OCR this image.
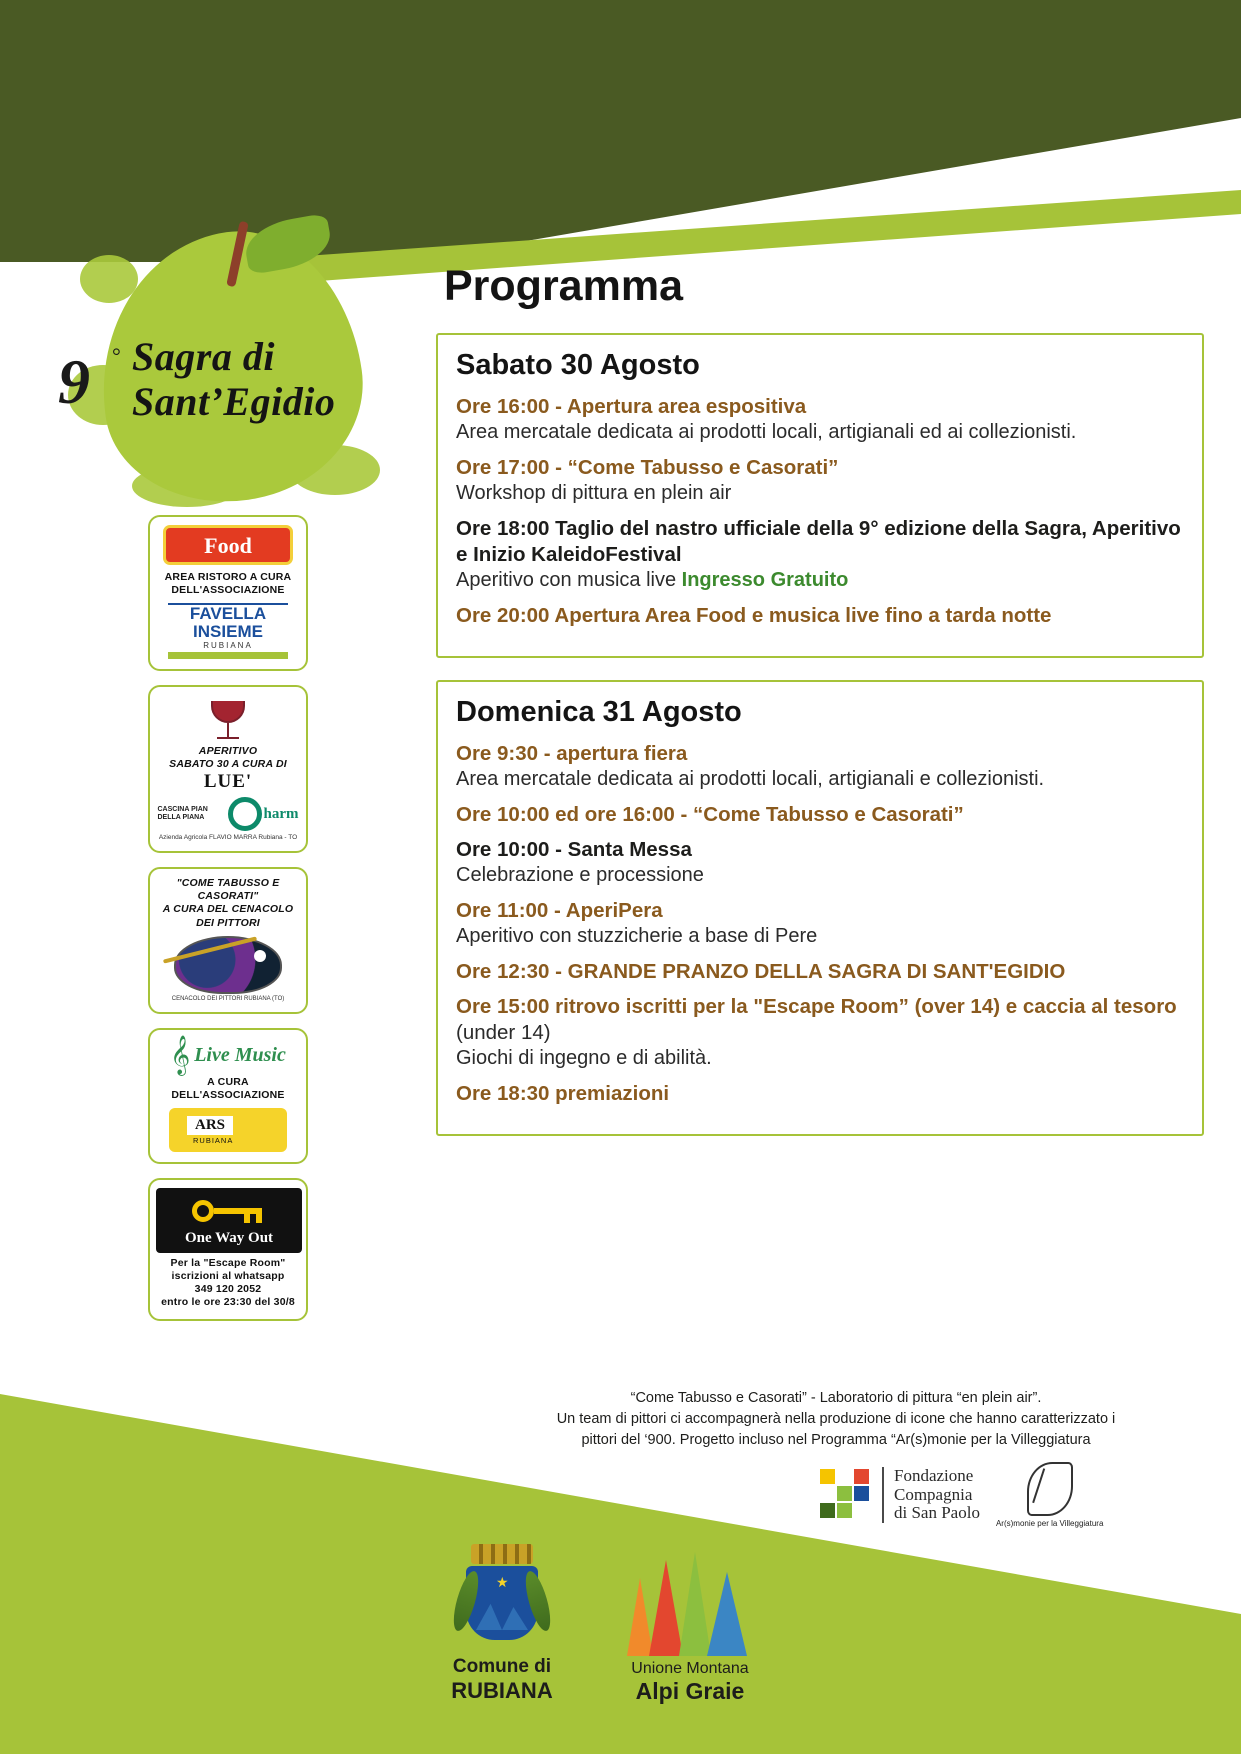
9 ° Sagra di
Sant’Egidio
Food
AREA RISTORO A CURA
DELL'ASSOCIAZIONE
FAVELLA
INSIEME
RUBIANA
APERITIVO
SABATO 30 A CURA DI
LUE'
CASCINA PIAN DELLA PIANA	harm
Azienda Agricola FLAVIO MARRA Rubiana - TO
"COME TABUSSO E
CASORATI"
A CURA DEL CENACOLO
DEI PITTORI
CENACOLO DEI PITTORI RUBIANA (TO)
𝄞 Live Music
A CURA DELL'ASSOCIAZIONE
ARS
RUBIANA
One Way Out
Per la "Escape Room"
iscrizioni al whatsapp
349 120 2052
entro le ore 23:30 del 30/8
Programma
Sabato 30 Agosto
Ore 16:00 - Apertura area espositiva
Area mercatale dedicata ai prodotti locali, artigianali ed ai collezionisti.
Ore 17:00 - “Come Tabusso e Casorati”
Workshop di pittura en plein air
Ore 18:00 Taglio del nastro ufficiale della 9° edizione della Sagra, Aperitivo e Inizio KaleidoFestival
Aperitivo con musica live Ingresso Gratuito
Ore 20:00 Apertura Area Food e musica live fino a tarda notte
Domenica 31 Agosto
Ore 9:30 - apertura fiera
Area mercatale dedicata ai prodotti locali, artigianali e collezionisti.
Ore 10:00 ed ore 16:00 - “Come Tabusso e Casorati”
Ore 10:00 - Santa Messa
Celebrazione e processione
Ore 11:00 - AperiPera
Aperitivo con stuzzicherie a base di Pere
Ore 12:30 - GRANDE PRANZO DELLA SAGRA DI SANT'EGIDIO
Ore 15:00 ritrovo iscritti per la "Escape Room” (over 14) e caccia al tesoro (under 14)
Giochi di ingegno e di abilità.
Ore 18:30 premiazioni
“Come Tabusso e Casorati” - Laboratorio di pittura “en plein air”.
Un team di pittori ci accompagnerà nella produzione di icone che hanno caratterizzato i
pittori del ‘900. Progetto incluso nel Programma “Ar(s)monie per la Villeggiatura
Fondazione
Compagnia
di San Paolo
Ar(s)monie per la Villeggiatura
★
Comune di
RUBIANA
Unione Montana
Alpi Graie
